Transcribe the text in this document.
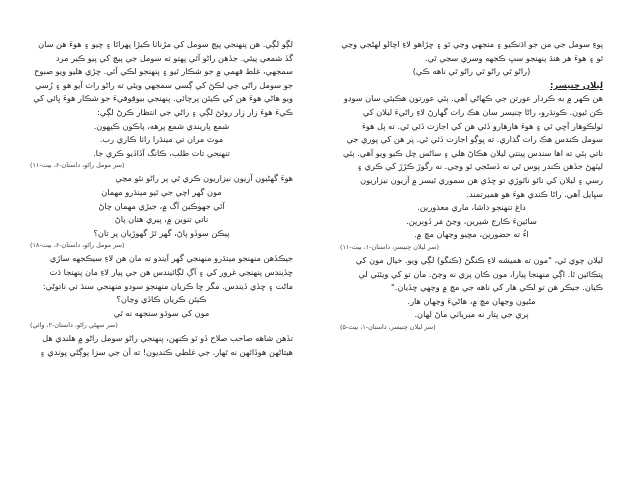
لڳو لڳي. هن پنهنجي پيچ سومل کي مڙناٺا ڪيڙا پهرائا ۽ چيو ۽ هوءَ هن سان گڏ شمعي پيئي. جڏهن راڻو آئي پهتو ته سومل جي پيچ کي پيو ڪير مرد سمجهي، غلط فهمي ۾ جو شڪار ٿيو ۽ پنهنجو لڪي آئي. چڙي هليو ويو صبوح جو سومل راڻي جي لڪڻ کي ڳسي سمجهي ويئي ته راڻو رات آيو هو ۽ رُسي ويو هاڻي هوءَ هن کي ڪيئن پرچائي. پنهنجي بيوقوفيءَ جو شڪار هوءَ ڀائي کي ڪيءَ هوءَ زار زار روئڻ لڳي ۽ راڻي جي انتظار ڪرڻ لڳي:

شمع پاريندي شمع پرهه، پاڪون ڪيهون.

موٽ مران تي مينڌرا راٺا ڪاري رب.

تنهنجي تات طلب، ڪانگ آڏاڏيو ڪري جا.

(سر مومل راڻو، داستان-۶، بيت-۱۱)

هوءَ گهڻيون آزيون نيزاريون ڪري ٿي پر راڻو نٿو مڃي

مون گهر اچي جي ٿيو مينڌرو مهمان

آئي جهوڪين آگ ۾، جيڙي مهمان چاڻ

ناتي تنوين ۾، پيري هتان پاڻ

پيڪن سوڏو پاڻ، گهر ٿڙ گهوڙيان پر تان؟

(سر مومل راڻو، داستان-۶، بيت-۱۸)

جيڪڏهن منهنجو مينڌرو منهنجي گهر آيندو ته مان هن لاءِ سيڪجهه ساڙي ڇڏيندس پنهنجي غرور کي ۽ آڳ لڳائيندس هن جي پيار لاءِ مان پنهنجا ڌت ماڻت ۽ ڇڏي ڏيندس. مگر ڇا ڪريان منهنجو سودو منهنجي سنڌ تي ناتوڻي:

ڪيئن ڪريان ڪاڏي وڃان؟

مون کي سوڌو سنجهه نه ٿي

(سر سهڻي راڻو، داستان-۲، وائي)

تڏهن شاهه صاحب صلاح ڏو ٿو ڪنهن، پنهنجي راڻو سومل راڻو ۾ هلندي هل هيتاڻهن هوڏائهن نه ٿهار. جي غلطي ڪنديون! ته آن جي سزا پوڳڻي پوندي ۽

پوءِ سومل جي من جو اڌنڪيو ۽ منجهي وڃي ٿو ۽ ڇڙاهو لاءِ اچالو لهڻجي وڃي ٿو ۽ هوءَ هر هنڌ پنهنجو سڀ ڪجهه وسري سڃي ٿي.

(راڻو ٿي راڻو ٿي راڻو ٿي ناهه ڪي)

ليلان چنيسر:

هن ڪهر ۾ به ڪردار عورتن جي ڪهاڻي آهي. ٻئي عورتون هڪبئي سان سوڊو ڪن ٿيون. ڪونڌرو، راڻا چنيسر سان هڪ رات گهارڻ لاءِ راڻيءَ ليلان کي ٽولڪوهار آڇي ٿي ۽ هوءَ هارهارو ڏئي هن کي اجازت ڏئي ٿي. ته پل هوءَ سومل ڪندس هڪ رات گذاري. ته ڀوڳو اجازت ڏئي ٿي. پر هن کي پوري جي ناتي ٻئي ته اها سندس پينتي ليلان هڪاڻ هلي ۽ ساڻس چل ڪيو ويو آهي. ٻئي ليٽهڻ جڏهن ڪندر پوس ٿي نه ڏسڻجي ٿو وڃي. نه رگوڙ ڪڙڙ کي ڪري ۽ رسي ۽ ليلان کي نائو ناٿوڙي تو ڇڏي هن سموري ٿيسر ۾ آزيون نيزاريون سڀايل آهي. راڻا ڪندي هوءَ هو هميرتمند.

داغ تنهنجو داشا، ماري معذورين.

سائينءَ ڪارج شيرين، وڃڻ مَر ڏوٻرين.

اءُ ته حضورين، مڇيو وڃهان مڇ ۾.

(سر ليلان چنيسر، داستان-۱، بيت-۱۱)

ليلان چوي ٿي، "مون ته هميشه لاءِ ڪنگڻ (ڪنگو) لڳي ويو. خيال مون کي پتڪائين ٿا. اڳي منهنجا پيارا، مون ڪان پري نه وڃڻ. مان تو کي ويئٽي لي ڪيان. جيڪر هن تو لڪي هار کي ناهه جي مڇ ۾ وڃهي ڇڏيان."

مڻيون وڃهان مڇ ۾، هاڻيءَ وڃهان هار.

پري جي پتار نه ميرياٺي ماڻ لهان.

(سر ليلان چنيسر، داستان-۱، بيت-۵)
